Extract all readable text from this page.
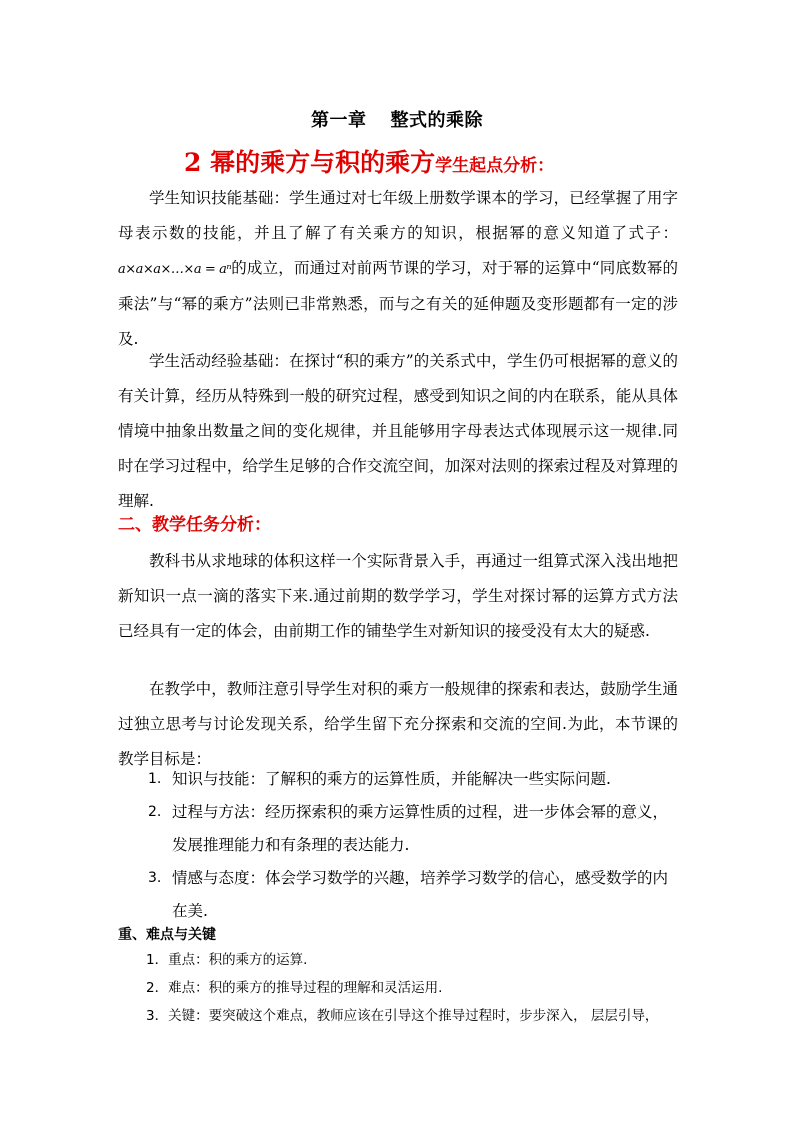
第一章 整式的乘除
2 幂的乘方与积的乘方学生起点分析：
学生知识技能基础：学生通过对七年级上册数学课本的学习，已经掌握了用字母表示数的技能，并且了解了有关乘方的知识，根据幂的意义知道了式子：a×a×a×…×a = aⁿ的成立，而通过对前两节课的学习，对于幂的运算中“同底数幂的乘法”与“幂的乘方”法则已非常熟悉，而与之有关的延伸题及变形题都有一定的涉及.
学生活动经验基础：在探讨“积的乘方”的关系式中，学生仍可根据幂的意义的有关计算，经历从特殊到一般的研究过程，感受到知识之间的内在联系，能从具体情境中抽象出数量之间的变化规律，并且能够用字母表达式体现展示这一规律.同时在学习过程中，给学生足够的合作交流空间，加深对法则的探索过程及对算理的理解.
二、教学任务分析：
教科书从求地球的体积这样一个实际背景入手，再通过一组算式深入浅出地把新知识一点一滴的落实下来.通过前期的数学学习，学生对探讨幂的运算方式方法已经具有一定的体会，由前期工作的铺垫学生对新知识的接受没有太大的疑惑.
在教学中，教师注意引导学生对积的乘方一般规律的探索和表达，鼓励学生通过独立思考与讨论发现关系，给学生留下充分探索和交流的空间.为此，本节课的教学目标是：
1. 知识与技能：了解积的乘方的运算性质，并能解决一些实际问题.
2. 过程与方法：经历探索积的乘方运算性质的过程，进一步体会幂的意义，发展推理能力和有条理的表达能力.
3. 情感与态度：体会学习数学的兴趣，培养学习数学的信心，感受数学的内在美.
重、难点与关键
1．重点：积的乘方的运算.
2．难点：积的乘方的推导过程的理解和灵活运用.
3．关键：要突破这个难点，教师应该在引导这个推导过程时，步步深入， 层层引导，
